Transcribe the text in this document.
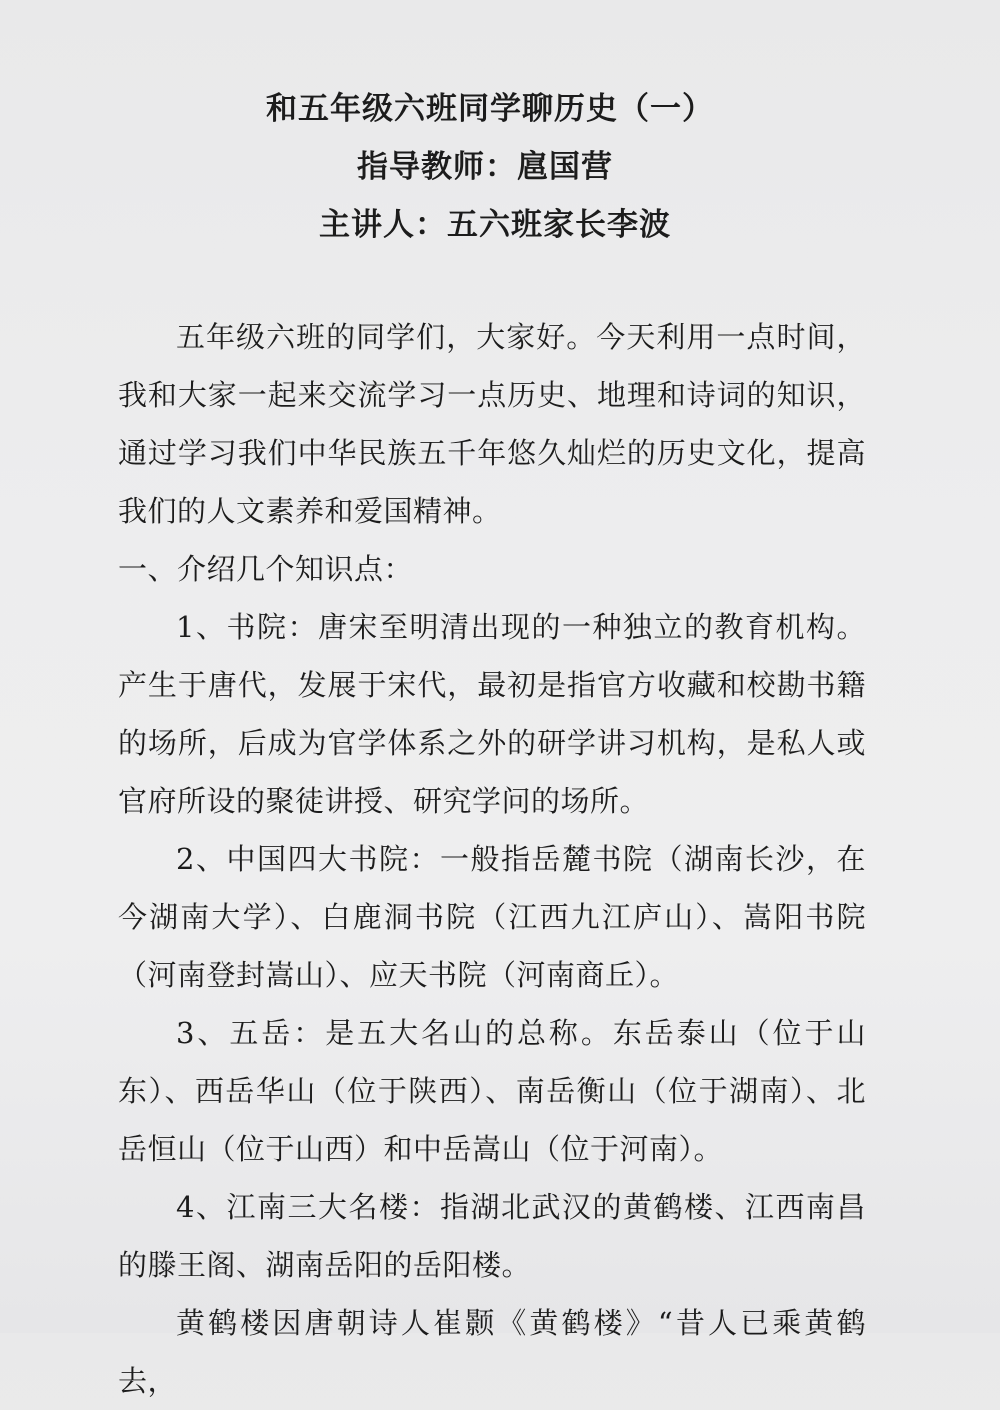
和五年级六班同学聊历史（一）
指导教师：扈国营
主讲人：五六班家长李波

五年级六班的同学们，大家好。今天利用一点时间，我和大家一起来交流学习一点历史、地理和诗词的知识，通过学习我们中华民族五千年悠久灿烂的历史文化，提高我们的人文素养和爱国精神。

一、介绍几个知识点：

1、书院：唐宋至明清出现的一种独立的教育机构。产生于唐代，发展于宋代，最初是指官方收藏和校勘书籍的场所，后成为官学体系之外的研学讲习机构，是私人或官府所设的聚徒讲授、研究学问的场所。

2、中国四大书院：一般指岳麓书院（湖南长沙，在今湖南大学）、白鹿洞书院（江西九江庐山）、嵩阳书院（河南登封嵩山）、应天书院（河南商丘）。

3、五岳：是五大名山的总称。东岳泰山（位于山东）、西岳华山（位于陕西）、南岳衡山（位于湖南）、北岳恒山（位于山西）和中岳嵩山（位于河南）。

4、江南三大名楼：指湖北武汉的黄鹤楼、江西南昌的滕王阁、湖南岳阳的岳阳楼。

黄鹤楼因唐朝诗人崔颢《黄鹤楼》“昔人已乘黄鹤去，
